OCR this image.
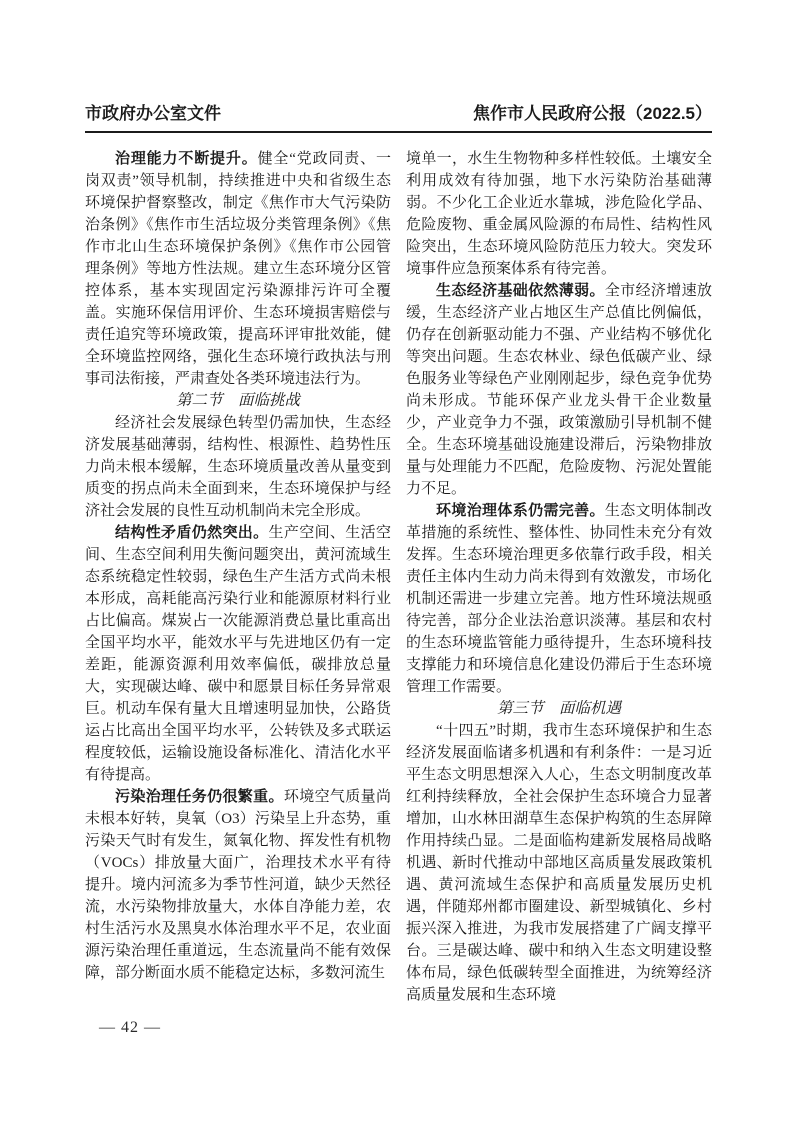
市政府办公室文件	焦作市人民政府公报（2022.5）

治理能力不断提升。健全“党政同责、一岗双责”领导机制，持续推进中央和省级生态环境保护督察整改，制定《焦作市大气污染防治条例》《焦作市生活垃圾分类管理条例》《焦作市北山生态环境保护条例》《焦作市公园管理条例》等地方性法规。建立生态环境分区管控体系，基本实现固定污染源排污许可全覆盖。实施环保信用评价、生态环境损害赔偿与责任追究等环境政策，提高环评审批效能，健全环境监控网络，强化生态环境行政执法与刑事司法衔接，严肃查处各类环境违法行为。

第二节　面临挑战

经济社会发展绿色转型仍需加快，生态经济发展基础薄弱，结构性、根源性、趋势性压力尚未根本缓解，生态环境质量改善从量变到质变的拐点尚未全面到来，生态环境保护与经济社会发展的良性互动机制尚未完全形成。

结构性矛盾仍然突出。生产空间、生活空间、生态空间利用失衡问题突出，黄河流域生态系统稳定性较弱，绿色生产生活方式尚未根本形成，高耗能高污染行业和能源原材料行业占比偏高。煤炭占一次能源消费总量比重高出全国平均水平，能效水平与先进地区仍有一定差距，能源资源利用效率偏低，碳排放总量大，实现碳达峰、碳中和愿景目标任务异常艰巨。机动车保有量大且增速明显加快，公路货运占比高出全国平均水平，公转铁及多式联运程度较低，运输设施设备标准化、清洁化水平有待提高。

污染治理任务仍很繁重。环境空气质量尚未根本好转，臭氧（O3）污染呈上升态势，重污染天气时有发生，氮氧化物、挥发性有机物（VOCs）排放量大面广，治理技术水平有待提升。境内河流多为季节性河道，缺少天然径流，水污染物排放量大，水体自净能力差，农村生活污水及黑臭水体治理水平不足，农业面源污染治理任重道远，生态流量尚不能有效保障，部分断面水质不能稳定达标，多数河流生

境单一，水生生物物种多样性较低。土壤安全利用成效有待加强，地下水污染防治基础薄弱。不少化工企业近水靠城，涉危险化学品、危险废物、重金属风险源的布局性、结构性风险突出，生态环境风险防范压力较大。突发环境事件应急预案体系有待完善。

生态经济基础依然薄弱。全市经济增速放缓，生态经济产业占地区生产总值比例偏低，仍存在创新驱动能力不强、产业结构不够优化等突出问题。生态农林业、绿色低碳产业、绿色服务业等绿色产业刚刚起步，绿色竞争优势尚未形成。节能环保产业龙头骨干企业数量少，产业竞争力不强，政策激励引导机制不健全。生态环境基础设施建设滞后，污染物排放量与处理能力不匹配，危险废物、污泥处置能力不足。

环境治理体系仍需完善。生态文明体制改革措施的系统性、整体性、协同性未充分有效发挥。生态环境治理更多依靠行政手段，相关责任主体内生动力尚未得到有效激发，市场化机制还需进一步建立完善。地方性环境法规亟待完善，部分企业法治意识淡薄。基层和农村的生态环境监管能力亟待提升，生态环境科技支撑能力和环境信息化建设仍滞后于生态环境管理工作需要。

第三节　面临机遇

“十四五”时期，我市生态环境保护和生态经济发展面临诸多机遇和有利条件：一是习近平生态文明思想深入人心，生态文明制度改革红利持续释放，全社会保护生态环境合力显著增加，山水林田湖草生态保护构筑的生态屏障作用持续凸显。二是面临构建新发展格局战略机遇、新时代推动中部地区高质量发展政策机遇、黄河流域生态保护和高质量发展历史机遇，伴随郑州都市圈建设、新型城镇化、乡村振兴深入推进，为我市发展搭建了广阔支撑平台。三是碳达峰、碳中和纳入生态文明建设整体布局，绿色低碳转型全面推进，为统筹经济高质量发展和生态环境

— 42 —
